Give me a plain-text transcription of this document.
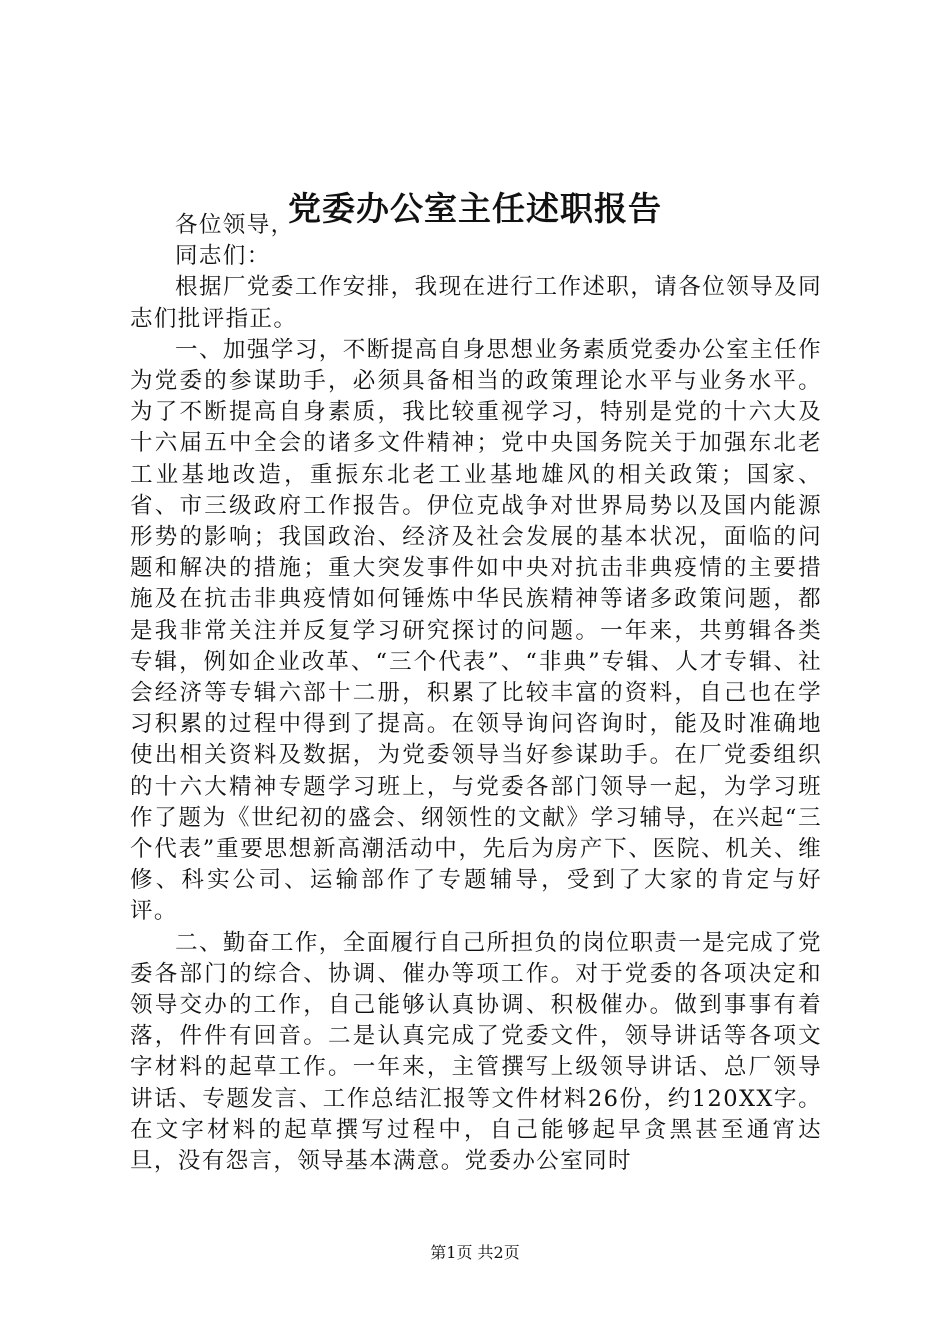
党委办公室主任述职报告

各位领导，

同志们：

根据厂党委工作安排，我现在进行工作述职，请各位领导及同志们批评指正。

一、加强学习，不断提高自身思想业务素质党委办公室主任作为党委的参谋助手，必须具备相当的政策理论水平与业务水平。为了不断提高自身素质，我比较重视学习，特别是党的十六大及十六届五中全会的诸多文件精神；党中央国务院关于加强东北老工业基地改造，重振东北老工业基地雄风的相关政策；国家、省、市三级政府工作报告。伊位克战争对世界局势以及国内能源形势的影响；我国政治、经济及社会发展的基本状况，面临的问题和解决的措施；重大突发事件如中央对抗击非典疫情的主要措施及在抗击非典疫情如何锤炼中华民族精神等诸多政策问题，都是我非常关注并反复学习研究探讨的问题。一年来，共剪辑各类专辑，例如企业改革、“三个代表”、“非典”专辑、人才专辑、社会经济等专辑六部十二册，积累了比较丰富的资料，自己也在学习积累的过程中得到了提高。在领导询问咨询时，能及时准确地使出相关资料及数据，为党委领导当好参谋助手。在厂党委组织的十六大精神专题学习班上，与党委各部门领导一起，为学习班作了题为《世纪初的盛会、纲领性的文献》学习辅导，在兴起“三个代表”重要思想新高潮活动中，先后为房产下、医院、机关、维修、科实公司、运输部作了专题辅导，受到了大家的肯定与好评。

二、勤奋工作，全面履行自己所担负的岗位职责一是完成了党委各部门的综合、协调、催办等项工作。对于党委的各项决定和领导交办的工作，自己能够认真协调、积极催办。做到事事有着落，件件有回音。二是认真完成了党委文件，领导讲话等各项文字材料的起草工作。一年来，主管撰写上级领导讲话、总厂领导讲话、专题发言、工作总结汇报等文件材料26份，约120XX字。在文字材料的起草撰写过程中，自己能够起早贪黑甚至通宵达旦，没有怨言，领导基本满意。党委办公室同时

第1页 共2页
